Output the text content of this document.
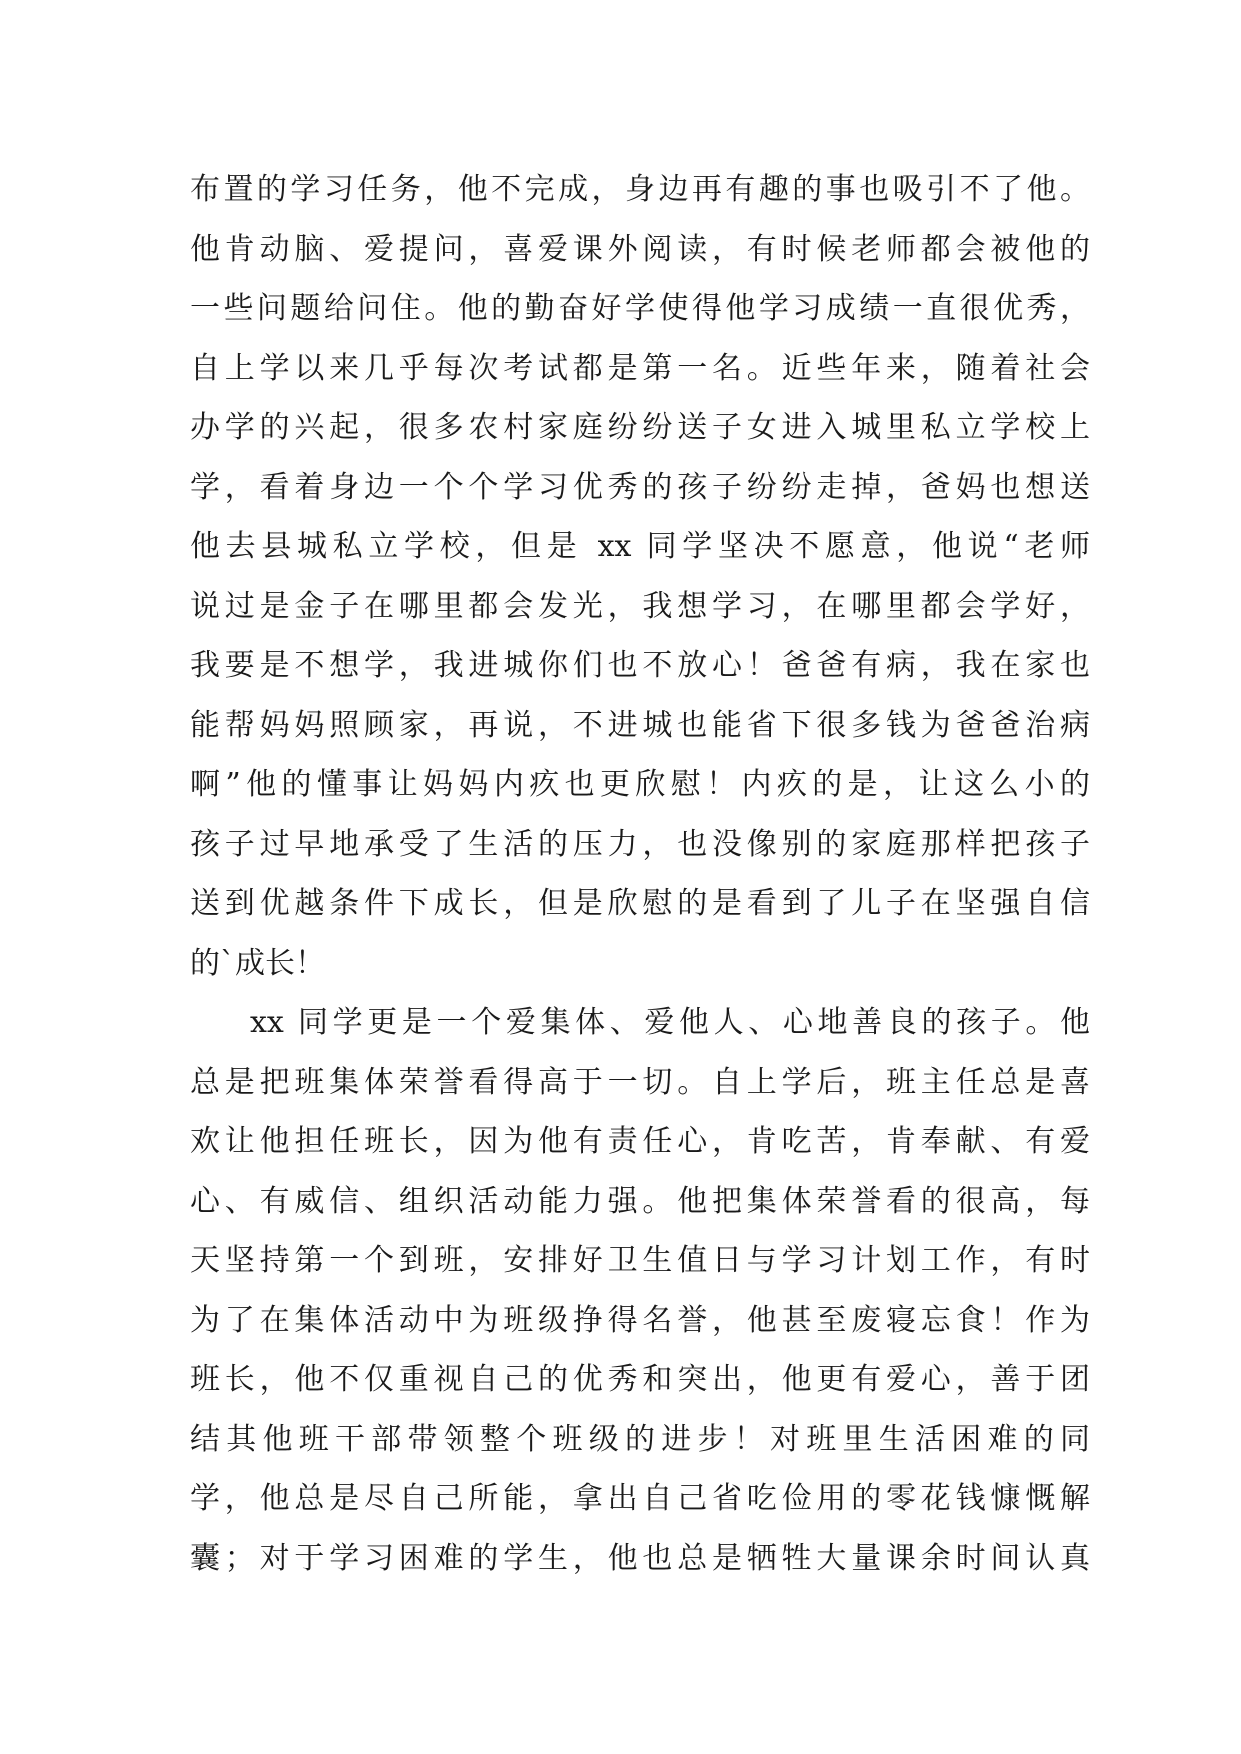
布置的学习任务，他不完成，身边再有趣的事也吸引不了他。
他肯动脑、爱提问，喜爱课外阅读，有时候老师都会被他的
一些问题给问住。他的勤奋好学使得他学习成绩一直很优秀，
自上学以来几乎每次考试都是第一名。近些年来，随着社会
办学的兴起，很多农村家庭纷纷送子女进入城里私立学校上
学，看着身边一个个学习优秀的孩子纷纷走掉，爸妈也想送
他去县城私立学校，但是 xx 同学坚决不愿意，他说“老师
说过是金子在哪里都会发光，我想学习，在哪里都会学好，
我要是不想学，我进城你们也不放心！爸爸有病，我在家也
能帮妈妈照顾家，再说，不进城也能省下很多钱为爸爸治病
啊”他的懂事让妈妈内疚也更欣慰！内疚的是，让这么小的
孩子过早地承受了生活的压力，也没像别的家庭那样把孩子
送到优越条件下成长，但是欣慰的是看到了儿子在坚强自信
的`成长！
xx 同学更是一个爱集体、爱他人、心地善良的孩子。他
总是把班集体荣誉看得高于一切。自上学后，班主任总是喜
欢让他担任班长，因为他有责任心，肯吃苦，肯奉献、有爱
心、有威信、组织活动能力强。他把集体荣誉看的很高，每
天坚持第一个到班，安排好卫生值日与学习计划工作，有时
为了在集体活动中为班级挣得名誉，他甚至废寝忘食！作为
班长，他不仅重视自己的优秀和突出，他更有爱心，善于团
结其他班干部带领整个班级的进步！对班里生活困难的同
学，他总是尽自己所能，拿出自己省吃俭用的零花钱慷慨解
囊；对于学习困难的学生，他也总是牺牲大量课余时间认真
